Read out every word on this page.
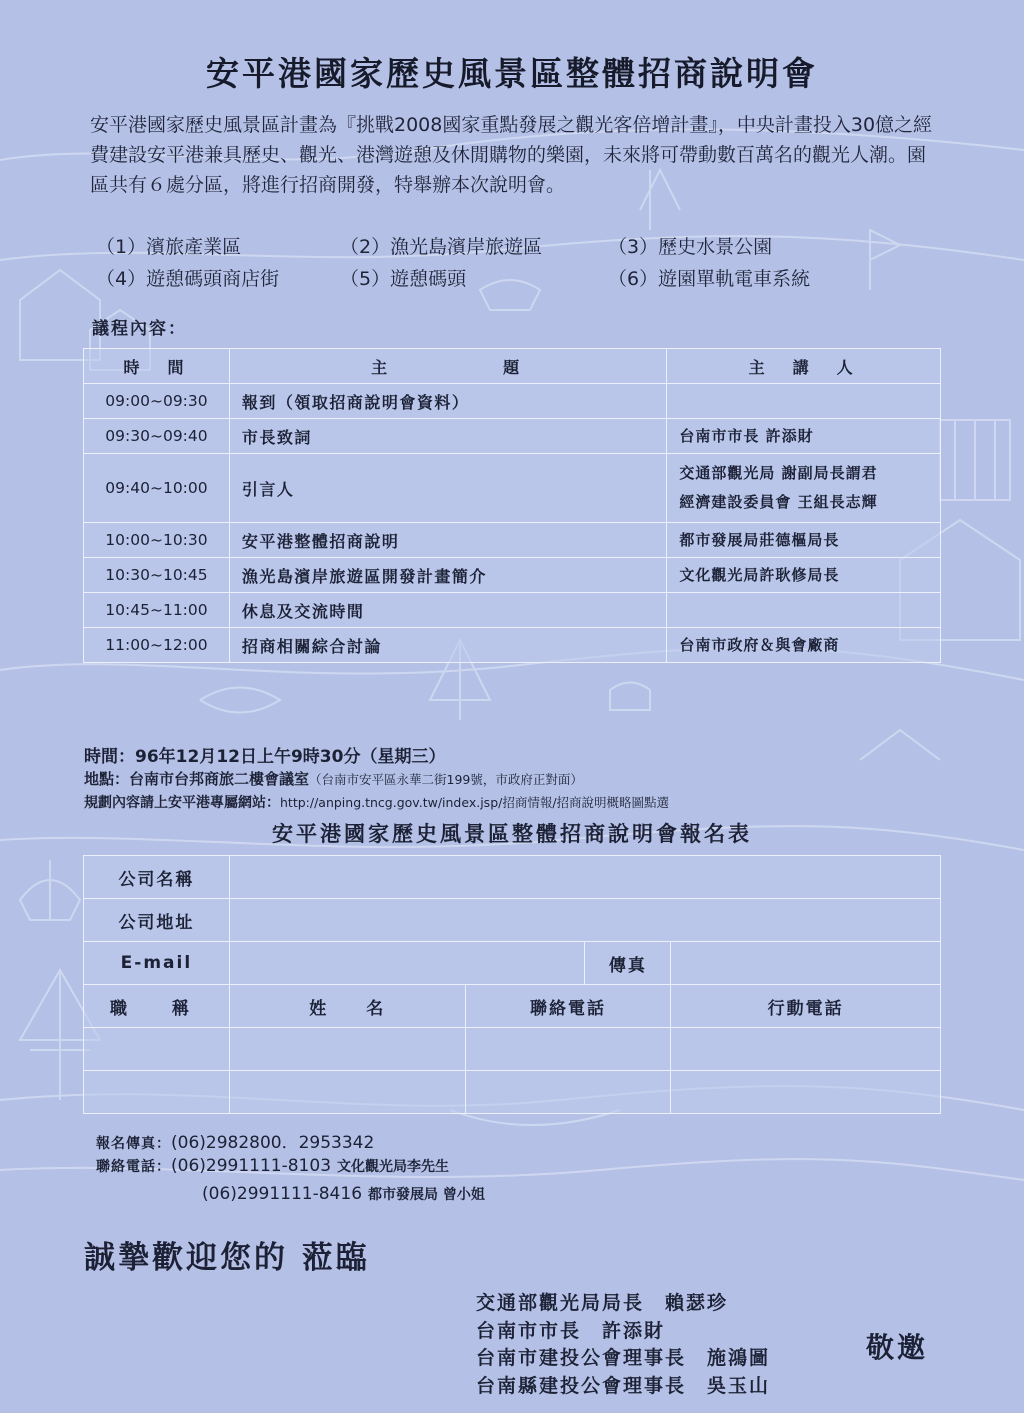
安平港國家歷史風景區整體招商說明會
安平港國家歷史風景區計畫為『挑戰2008國家重點發展之觀光客倍增計畫』，中央計畫投入30億之經費建設安平港兼具歷史、觀光、港灣遊憩及休閒購物的樂園，未來將可帶動數百萬名的觀光人潮。園區共有６處分區，將進行招商開發，特舉辦本次說明會。
（1）濱旅產業區	（2）漁光島濱岸旅遊區	（3）歷史水景公園
（4）遊憩碼頭商店街	（5）遊憩碼頭	（6）遊園單軌電車系統
議程內容：
時　間	主　　　　　題	主　講　人
09:00~09:30	報到（領取招商說明會資料）	

09:30~09:40	市長致詞	台南市市長 許添財

09:40~10:00	引言人	交通部觀光局 謝副局長謂君
經濟建設委員會 王組長志輝

10:00~10:30	安平港整體招商說明	都市發展局莊德樞局長

10:30~10:45	漁光島濱岸旅遊區開發計畫簡介	文化觀光局許耿修局長

10:45~11:00	休息及交流時間	

11:00~12:00	招商相關綜合討論	台南市政府＆與會廠商
時間：96年12月12日上午9時30分（星期三）
地點：台南市台邦商旅二樓會議室（台南市安平區永華二街199號，市政府正對面）
規劃內容請上安平港專屬網站：http://anping.tncg.gov.tw/index.jsp/招商情報/招商說明概略圖點選
安平港國家歷史風景區整體招商說明會報名表
公司名稱				
公司地址				
E-mail			傳真	
職　稱	姓　　名	聯絡電話		行動電話

報名傳真：(06)2982800．2953342
聯絡電話：(06)2991111-8103 文化觀光局李先生
(06)2991111-8416 都市發展局 曾小姐
誠摯歡迎您的 蒞臨
交通部觀光局局長　賴瑟珍
台南市市長　許添財
台南市建投公會理事長　施鴻圖
台南縣建投公會理事長　吳玉山
敬邀
